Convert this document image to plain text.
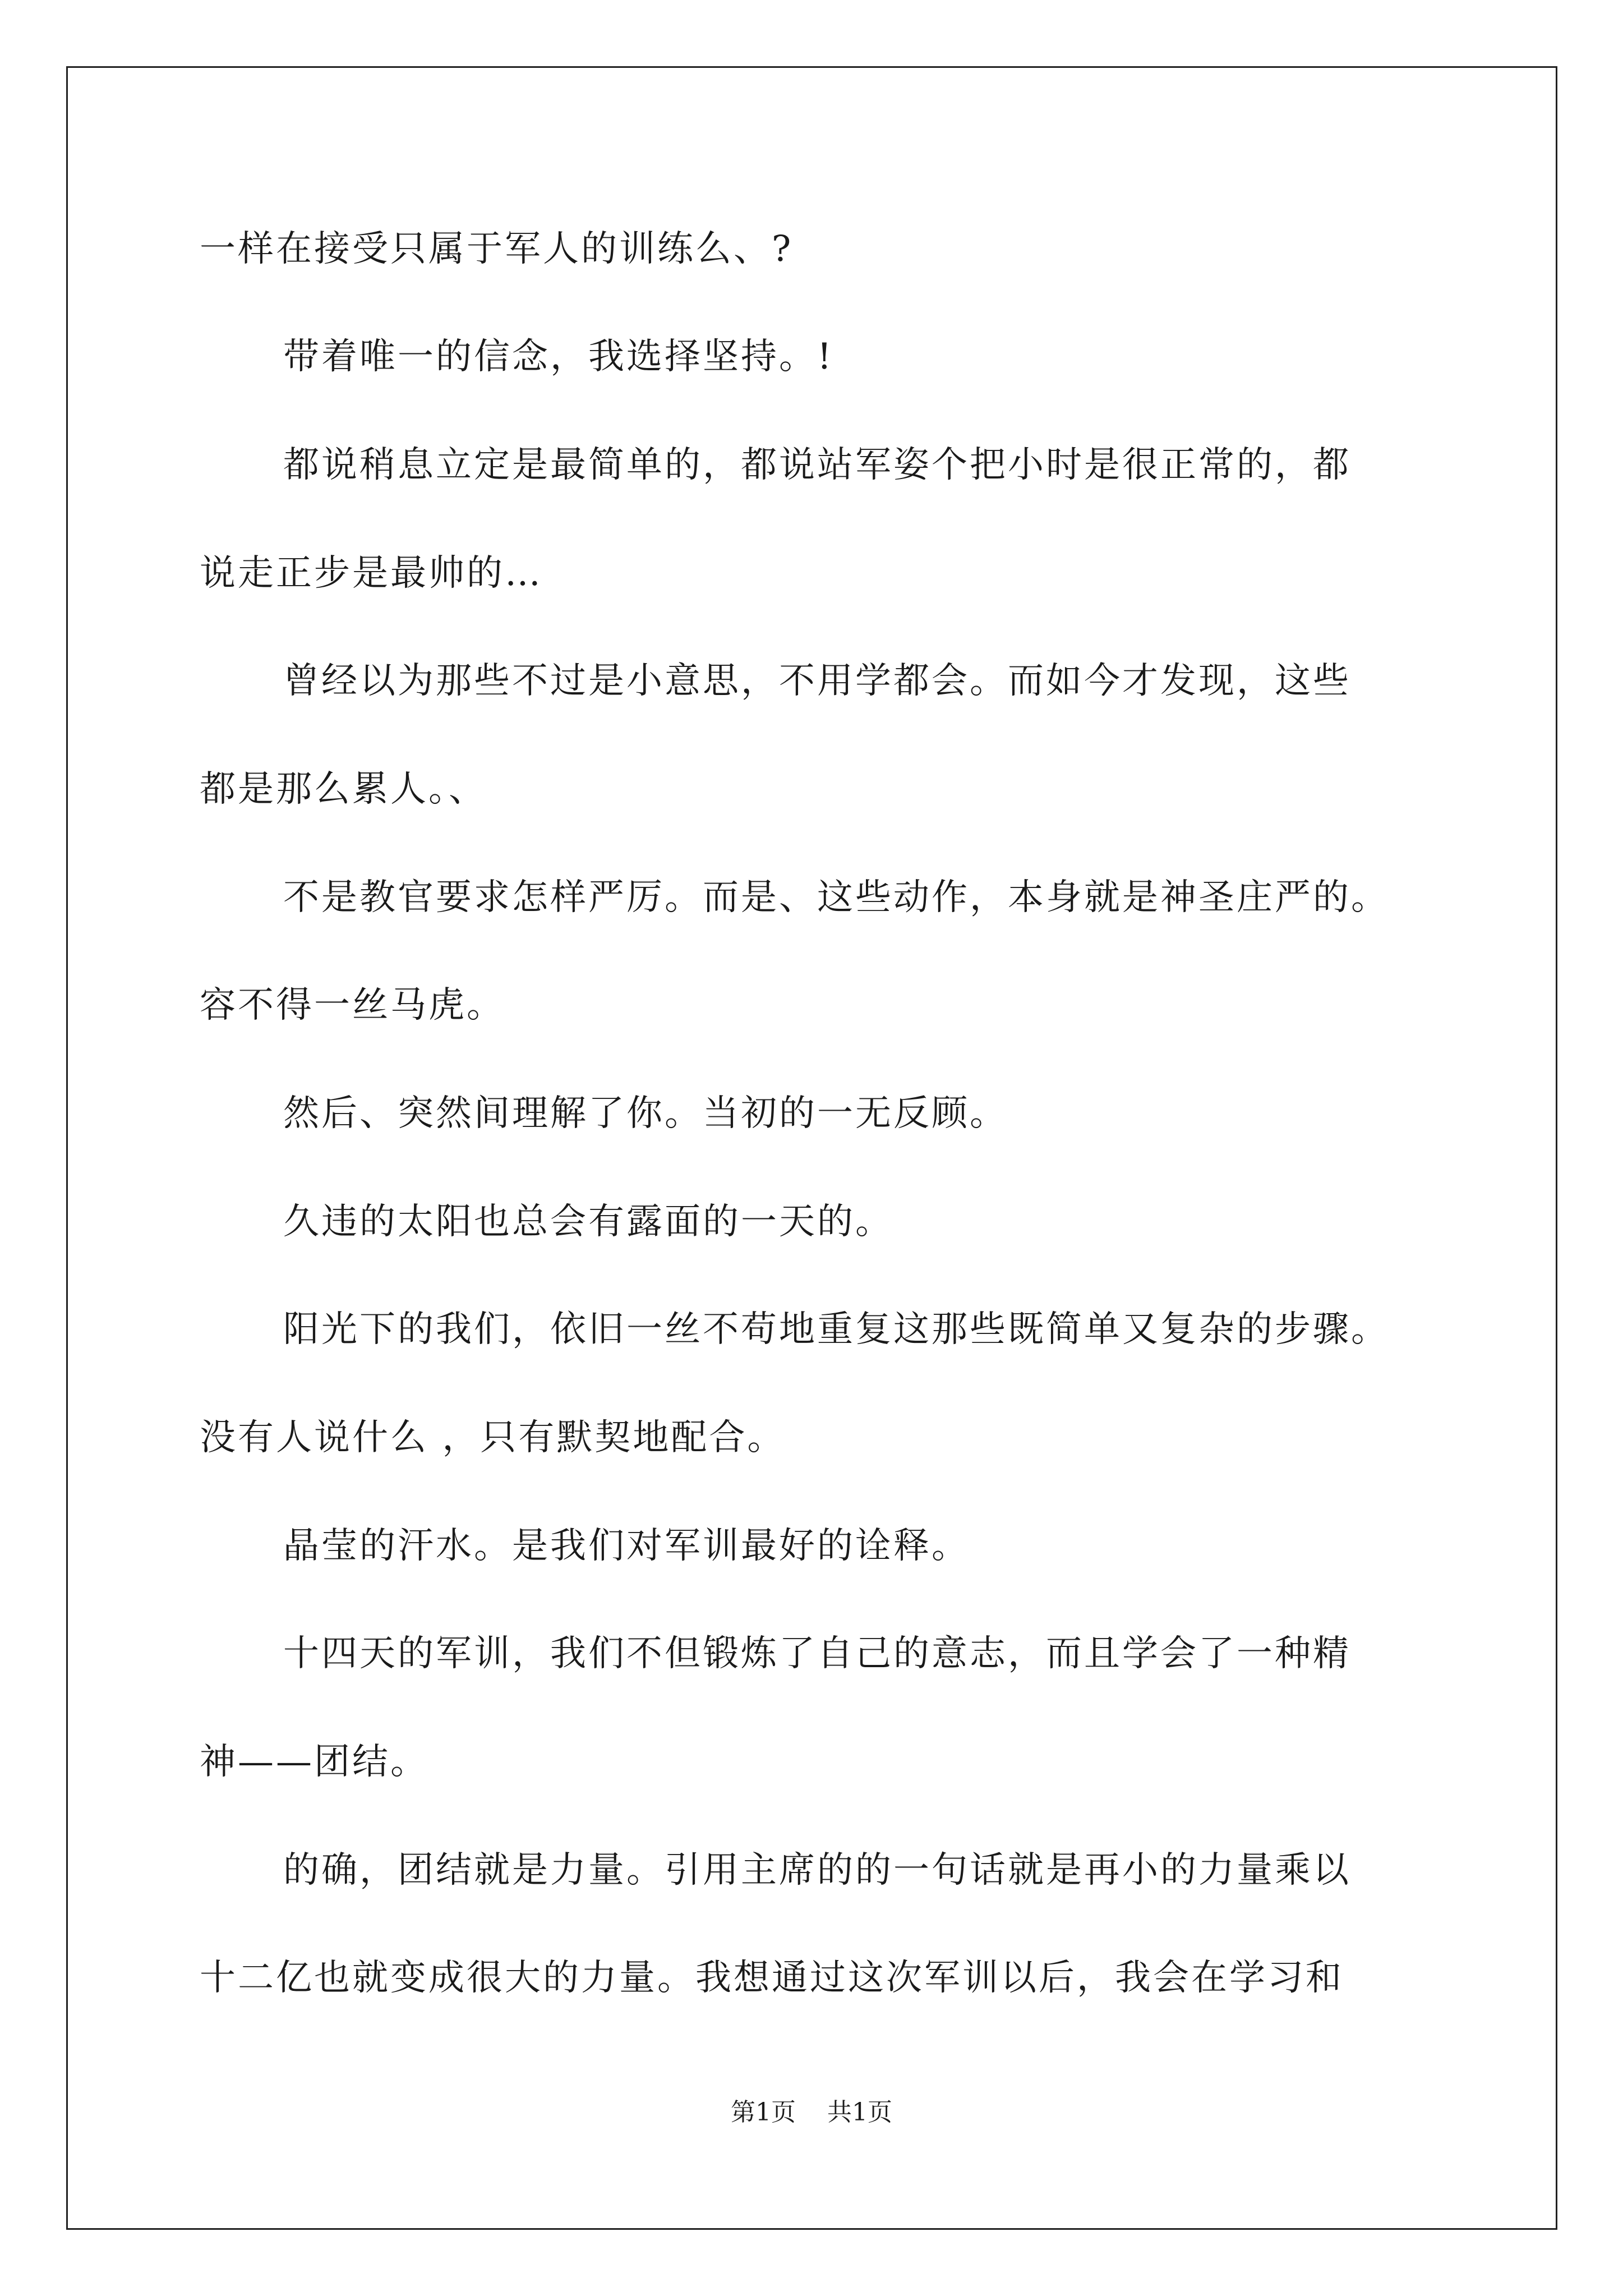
一样在接受只属于军人的训练么、?
带着唯一的信念，我选择坚持。!
都说稍息立定是最简单的，都说站军姿个把小时是很正常的，都
说走正步是最帅的…
曾经以为那些不过是小意思，不用学都会。而如今才发现，这些
都是那么累人。、
不是教官要求怎样严厉。而是、这些动作，本身就是神圣庄严的。
容不得一丝马虎。
然后、突然间理解了你。当初的一无反顾。
久违的太阳也总会有露面的一天的。
阳光下的我们，依旧一丝不苟地重复这那些既简单又复杂的步骤。
没有人说什么 ，只有默契地配合。
晶莹的汗水。是我们对军训最好的诠释。
十四天的军训，我们不但锻炼了自己的意志，而且学会了一种精
神——团结。
的确，团结就是力量。引用主席的的一句话就是再小的力量乘以
十二亿也就变成很大的力量。我想通过这次军训以后，我会在学习和
第1页 共1页
